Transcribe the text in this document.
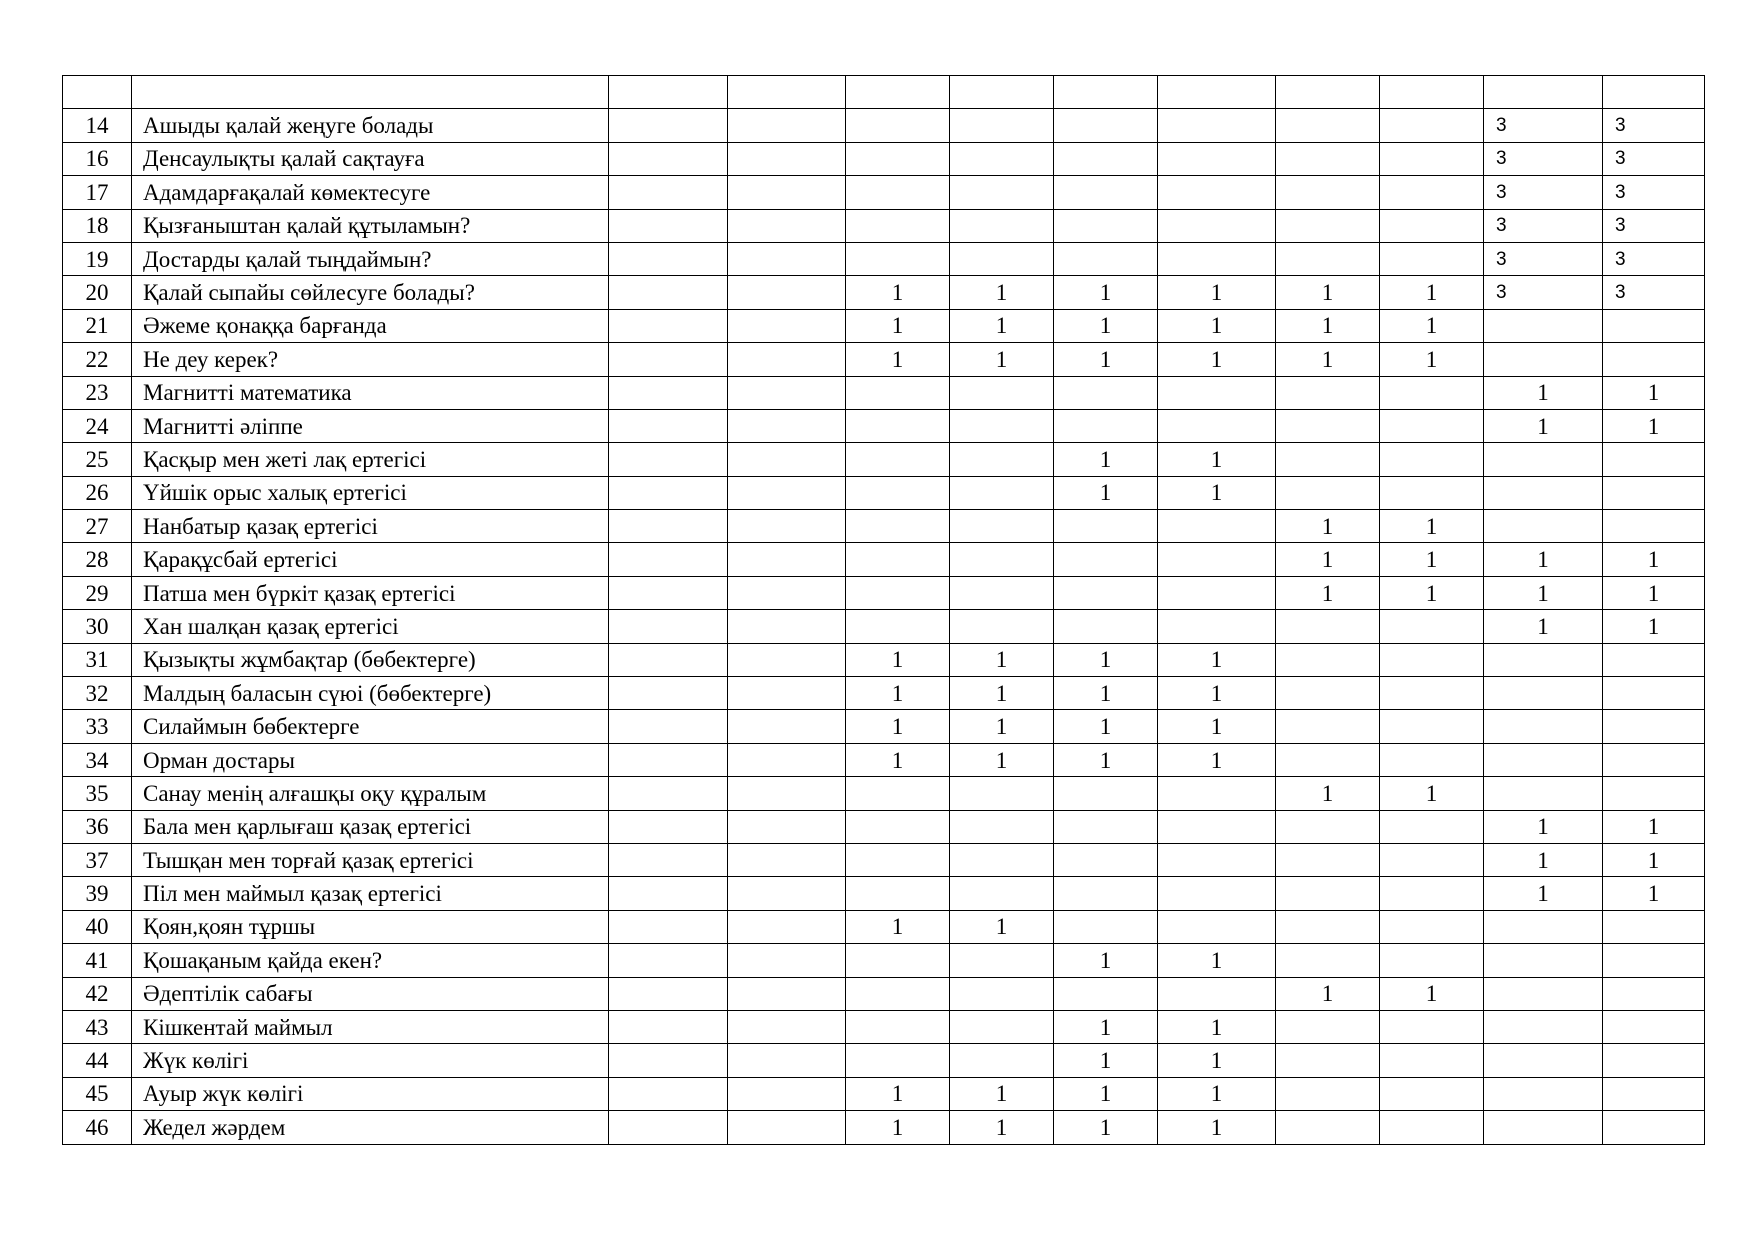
14	Ашыды қалай жеңуге болады									3	3
16	Денсаулықты қалай сақтауға									3	3
17	Адамдарғақалай көмектесуге									3	3
18	Қызғаныштан қалай құтыламын?									3	3
19	Достарды қалай тыңдаймын?									3	3
20	Қалай сыпайы сөйлесуге болады?			1	1	1	1	1	1	3	3
21	Әжеме қонаққа барғанда			1	1	1	1	1	1		
22	Не деу керек?			1	1	1	1	1	1		
23	Магнитті математика									1	1
24	Магнитті әліппе									1	1
25	Қасқыр мен жеті лақ ертегісі					1	1				
26	Үйшік орыс халық ертегісі					1	1				
27	Нанбатыр қазақ ертегісі							1	1		
28	Қарақұсбай ертегісі							1	1	1	1
29	Патша мен бүркіт қазақ ертегісі							1	1	1	1
30	Хан шалқан қазақ ертегісі									1	1
31	Қызықты жұмбақтар (бөбектерге)			1	1	1	1				
32	Малдың баласын сүюі (бөбектерге)			1	1	1	1				
33	Силаймын бөбектерге			1	1	1	1				
34	Орман достары			1	1	1	1				
35	Санау менің алғашқы оқу құралым							1	1		
36	Бала мен қарлығаш қазақ ертегісі									1	1
37	Тышқан мен торғай қазақ ертегісі									1	1
39	Піл мен маймыл қазақ ертегісі									1	1
40	Қоян,қоян тұршы			1	1						
41	Қошақаным қайда екен?					1	1				
42	Әдептілік сабағы							1	1		
43	Кішкентай маймыл					1	1				
44	Жүк көлігі					1	1				
45	Ауыр жүк көлігі			1	1	1	1				
46	Жедел жәрдем			1	1	1	1				
